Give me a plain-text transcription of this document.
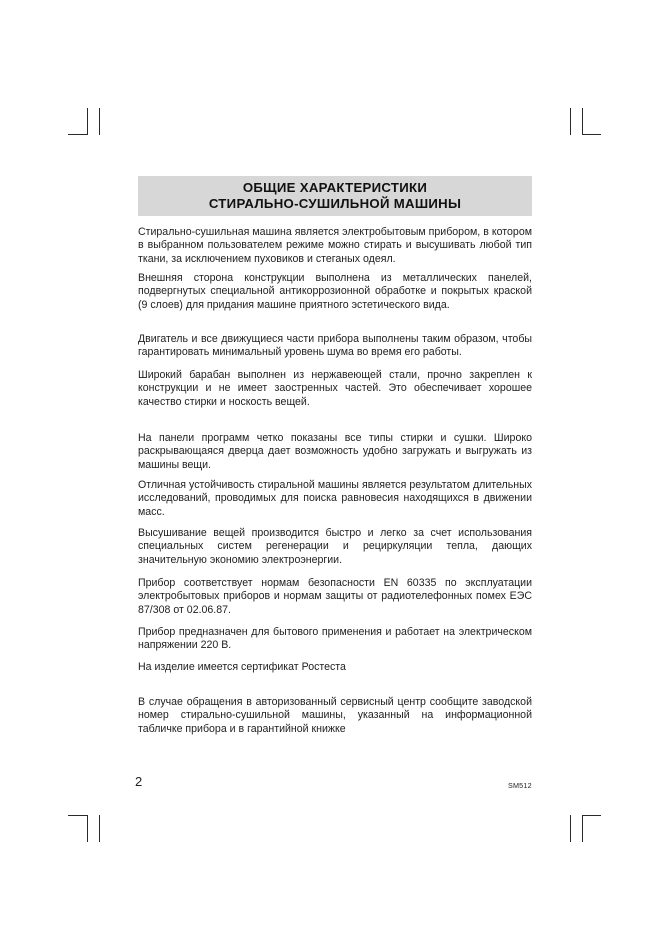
ОБЩИЕ ХАРАКТЕРИСТИКИ
СТИРАЛЬНО-СУШИЛЬНОЙ МАШИНЫ

Стирально-сушильная машина является электробытовым прибором, в котором в выбранном пользователем режиме можно стирать и высушивать любой тип ткани, за исключением пуховиков и стеганых одеял.

Внешняя сторона конструкции выполнена из металлических панелей, подвергнутых специальной антикоррозионной обработке и покрытых краской (9 слоев) для придания машине приятного эстетического вида.

Двигатель и все движущиеся части прибора выполнены таким образом, чтобы гарантировать минимальный уровень шума во время его работы.

Широкий барабан выполнен из нержавеющей стали, прочно закреплен к конструкции и не имеет заостренных частей. Это обеспечивает хорошее качество стирки и носкость вещей.

На панели программ четко показаны все типы стирки и сушки. Широко раскрывающаяся дверца дает возможность удобно загружать и выгружать из машины вещи.

Отличная устойчивость стиральной машины является результатом длительных исследований, проводимых для поиска равновесия находящихся в движении масс.

Высушивание вещей производится быстро и легко за счет использования специальных систем регенерации и рециркуляции тепла, дающих значительную экономию электроэнергии.

Прибор соответствует нормам безопасности EN 60335 по эксплуатации электробытовых приборов и нормам защиты от радиотелефонных помех ЕЭС 87/308 от 02.06.87.

Прибор предназначен для бытового применения и работает на электрическом напряжении 220 В.

На изделие имеется сертификат Ростеста

В случае обращения в авторизованный сервисный центр сообщите заводской номер стирально-сушильной машины, указанный на информационной табличке прибора и в гарантийной книжке

2	SM512
